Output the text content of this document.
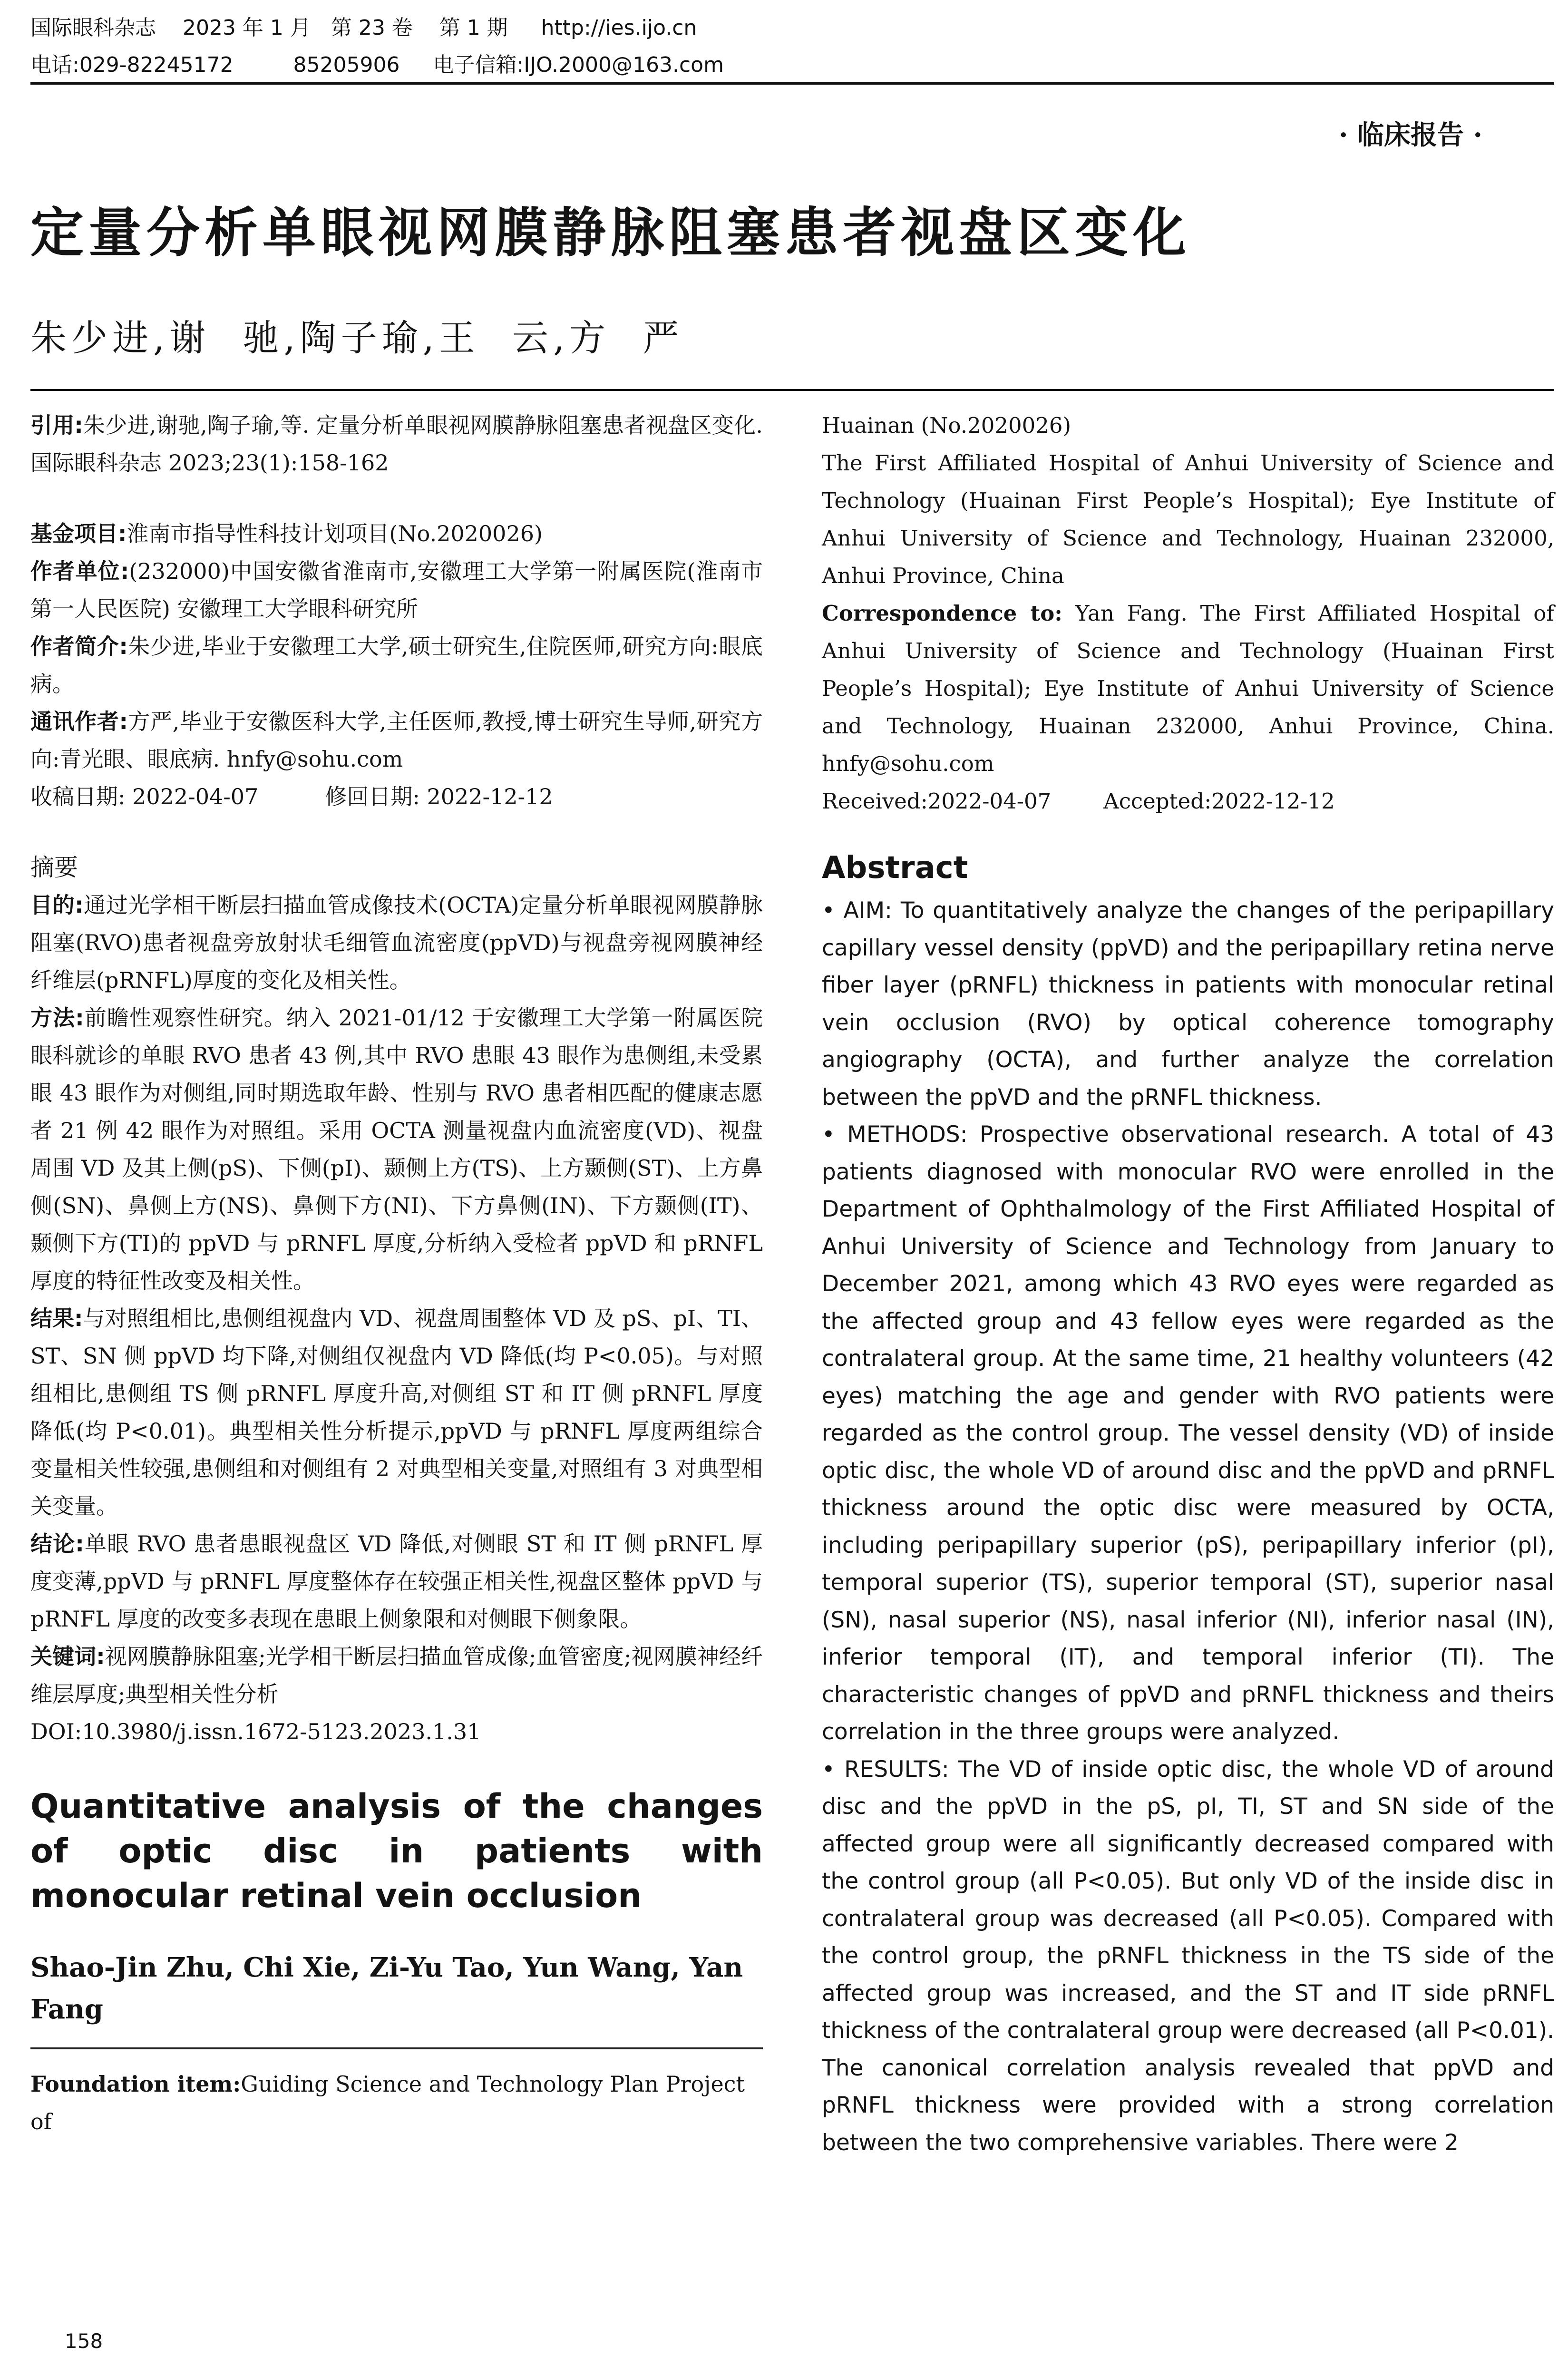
国际眼科杂志    2023 年 1 月   第 23 卷    第 1 期     http://ies.ijo.cn
电话:029-82245172         85205906     电子信箱:IJO.2000@163.com
· 临床报告 ·
定量分析单眼视网膜静脉阻塞患者视盘区变化
朱少进,谢  驰,陶子瑜,王  云,方  严

引用:朱少进,谢驰,陶子瑜,等. 定量分析单眼视网膜静脉阻塞患者视盘区变化. 国际眼科杂志 2023;23(1):158-162

基金项目:淮南市指导性科技计划项目(No.2020026)

作者单位:(232000)中国安徽省淮南市,安徽理工大学第一附属医院(淮南市第一人民医院) 安徽理工大学眼科研究所

作者简介:朱少进,毕业于安徽理工大学,硕士研究生,住院医师,研究方向:眼底病。

通讯作者:方严,毕业于安徽医科大学,主任医师,教授,博士研究生导师,研究方向:青光眼、眼底病. hnfy@sohu.com

收稿日期: 2022-04-07	修回日期: 2022-12-12

摘要

目的:通过光学相干断层扫描血管成像技术(OCTA)定量分析单眼视网膜静脉阻塞(RVO)患者视盘旁放射状毛细管血流密度(ppVD)与视盘旁视网膜神经纤维层(pRNFL)厚度的变化及相关性。

方法:前瞻性观察性研究。纳入 2021-01/12 于安徽理工大学第一附属医院眼科就诊的单眼 RVO 患者 43 例,其中 RVO 患眼 43 眼作为患侧组,未受累眼 43 眼作为对侧组,同时期选取年龄、性别与 RVO 患者相匹配的健康志愿者 21 例 42 眼作为对照组。采用 OCTA 测量视盘内血流密度(VD)、视盘周围 VD 及其上侧(pS)、下侧(pI)、颞侧上方(TS)、上方颞侧(ST)、上方鼻侧(SN)、鼻侧上方(NS)、鼻侧下方(NI)、下方鼻侧(IN)、下方颞侧(IT)、颞侧下方(TI)的 ppVD 与 pRNFL 厚度,分析纳入受检者 ppVD 和 pRNFL 厚度的特征性改变及相关性。

结果:与对照组相比,患侧组视盘内 VD、视盘周围整体 VD 及 pS、pI、TI、ST、SN 侧 ppVD 均下降,对侧组仅视盘内 VD 降低(均 P<0.05)。与对照组相比,患侧组 TS 侧 pRNFL 厚度升高,对侧组 ST 和 IT 侧 pRNFL 厚度降低(均 P<0.01)。典型相关性分析提示,ppVD 与 pRNFL 厚度两组综合变量相关性较强,患侧组和对侧组有 2 对典型相关变量,对照组有 3 对典型相关变量。

结论:单眼 RVO 患者患眼视盘区 VD 降低,对侧眼 ST 和 IT 侧 pRNFL 厚度变薄,ppVD 与 pRNFL 厚度整体存在较强正相关性,视盘区整体 ppVD 与 pRNFL 厚度的改变多表现在患眼上侧象限和对侧眼下侧象限。

关键词:视网膜静脉阻塞;光学相干断层扫描血管成像;血管密度;视网膜神经纤维层厚度;典型相关性分析

DOI:10.3980/j.issn.1672-5123.2023.1.31

Quantitative analysis of the changes of optic disc in patients with monocular retinal vein occlusion

Shao-Jin Zhu, Chi Xie, Zi-Yu Tao, Yun Wang, Yan Fang

Foundation item:Guiding Science and Technology Plan Project of

Huainan (No.2020026)

The First Affiliated Hospital of Anhui University of Science and Technology (Huainan First People’s Hospital); Eye Institute of Anhui University of Science and Technology, Huainan 232000, Anhui Province, China

Correspondence to: Yan Fang. The First Affiliated Hospital of Anhui University of Science and Technology (Huainan First People’s Hospital); Eye Institute of Anhui University of Science and Technology, Huainan 232000, Anhui Province, China. hnfy@sohu.com

Received:2022-04-07 Accepted:2022-12-12

Abstract

• AIM: To quantitatively analyze the changes of the peripapillary capillary vessel density (ppVD) and the peripapillary retina nerve fiber layer (pRNFL) thickness in patients with monocular retinal vein occlusion (RVO) by optical coherence tomography angiography (OCTA), and further analyze the correlation between the ppVD and the pRNFL thickness.

• METHODS: Prospective observational research. A total of 43 patients diagnosed with monocular RVO were enrolled in the Department of Ophthalmology of the First Affiliated Hospital of Anhui University of Science and Technology from January to December 2021, among which 43 RVO eyes were regarded as the affected group and 43 fellow eyes were regarded as the contralateral group. At the same time, 21 healthy volunteers (42 eyes) matching the age and gender with RVO patients were regarded as the control group. The vessel density (VD) of inside optic disc, the whole VD of around disc and the ppVD and pRNFL thickness around the optic disc were measured by OCTA, including peripapillary superior (pS), peripapillary inferior (pI), temporal superior (TS), superior temporal (ST), superior nasal (SN), nasal superior (NS), nasal inferior (NI), inferior nasal (IN), inferior temporal (IT), and temporal inferior (TI). The characteristic changes of ppVD and pRNFL thickness and theirs correlation in the three groups were analyzed.

• RESULTS: The VD of inside optic disc, the whole VD of around disc and the ppVD in the pS, pI, TI, ST and SN side of the affected group were all significantly decreased compared with the control group (all P<0.05). But only VD of the inside disc in contralateral group was decreased (all P<0.05). Compared with the control group, the pRNFL thickness in the TS side of the affected group was increased, and the ST and IT side pRNFL thickness of the contralateral group were decreased (all P<0.01). The canonical correlation analysis revealed that ppVD and pRNFL thickness were provided with a strong correlation between the two comprehensive variables. There were 2

158
